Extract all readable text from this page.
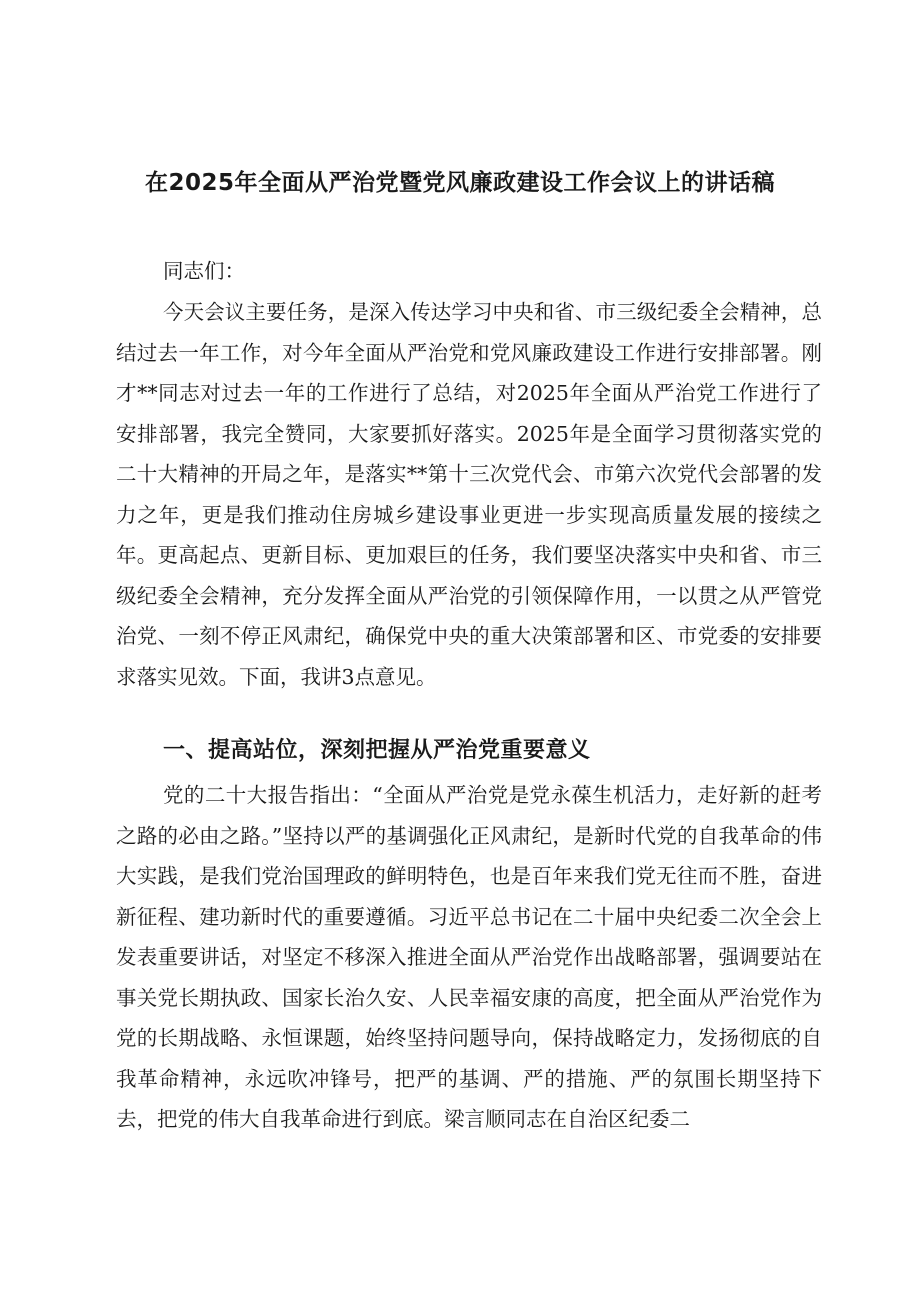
在2025年全面从严治党暨党风廉政建设工作会议上的讲话稿

同志们：

今天会议主要任务，是深入传达学习中央和省、市三级纪委全会精神，总结过去一年工作，对今年全面从严治党和党风廉政建设工作进行安排部署。刚才**同志对过去一年的工作进行了总结，对2025年全面从严治党工作进行了安排部署，我完全赞同，大家要抓好落实。2025年是全面学习贯彻落实党的二十大精神的开局之年，是落实**第十三次党代会、市第六次党代会部署的发力之年，更是我们推动住房城乡建设事业更进一步实现高质量发展的接续之年。更高起点、更新目标、更加艰巨的任务，我们要坚决落实中央和省、市三级纪委全会精神，充分发挥全面从严治党的引领保障作用，一以贯之从严管党治党、一刻不停正风肃纪，确保党中央的重大决策部署和区、市党委的安排要求落实见效。下面，我讲3点意见。

一、提高站位，深刻把握从严治党重要意义

党的二十大报告指出：“全面从严治党是党永葆生机活力，走好新的赶考之路的必由之路。”坚持以严的基调强化正风肃纪，是新时代党的自我革命的伟大实践，是我们党治国理政的鲜明特色，也是百年来我们党无往而不胜，奋进新征程、建功新时代的重要遵循。习近平总书记在二十届中央纪委二次全会上发表重要讲话，对坚定不移深入推进全面从严治党作出战略部署，强调要站在事关党长期执政、国家长治久安、人民幸福安康的高度，把全面从严治党作为党的长期战略、永恒课题，始终坚持问题导向，保持战略定力，发扬彻底的自我革命精神，永远吹冲锋号，把严的基调、严的措施、严的氛围长期坚持下去，把党的伟大自我革命进行到底。梁言顺同志在自治区纪委二
